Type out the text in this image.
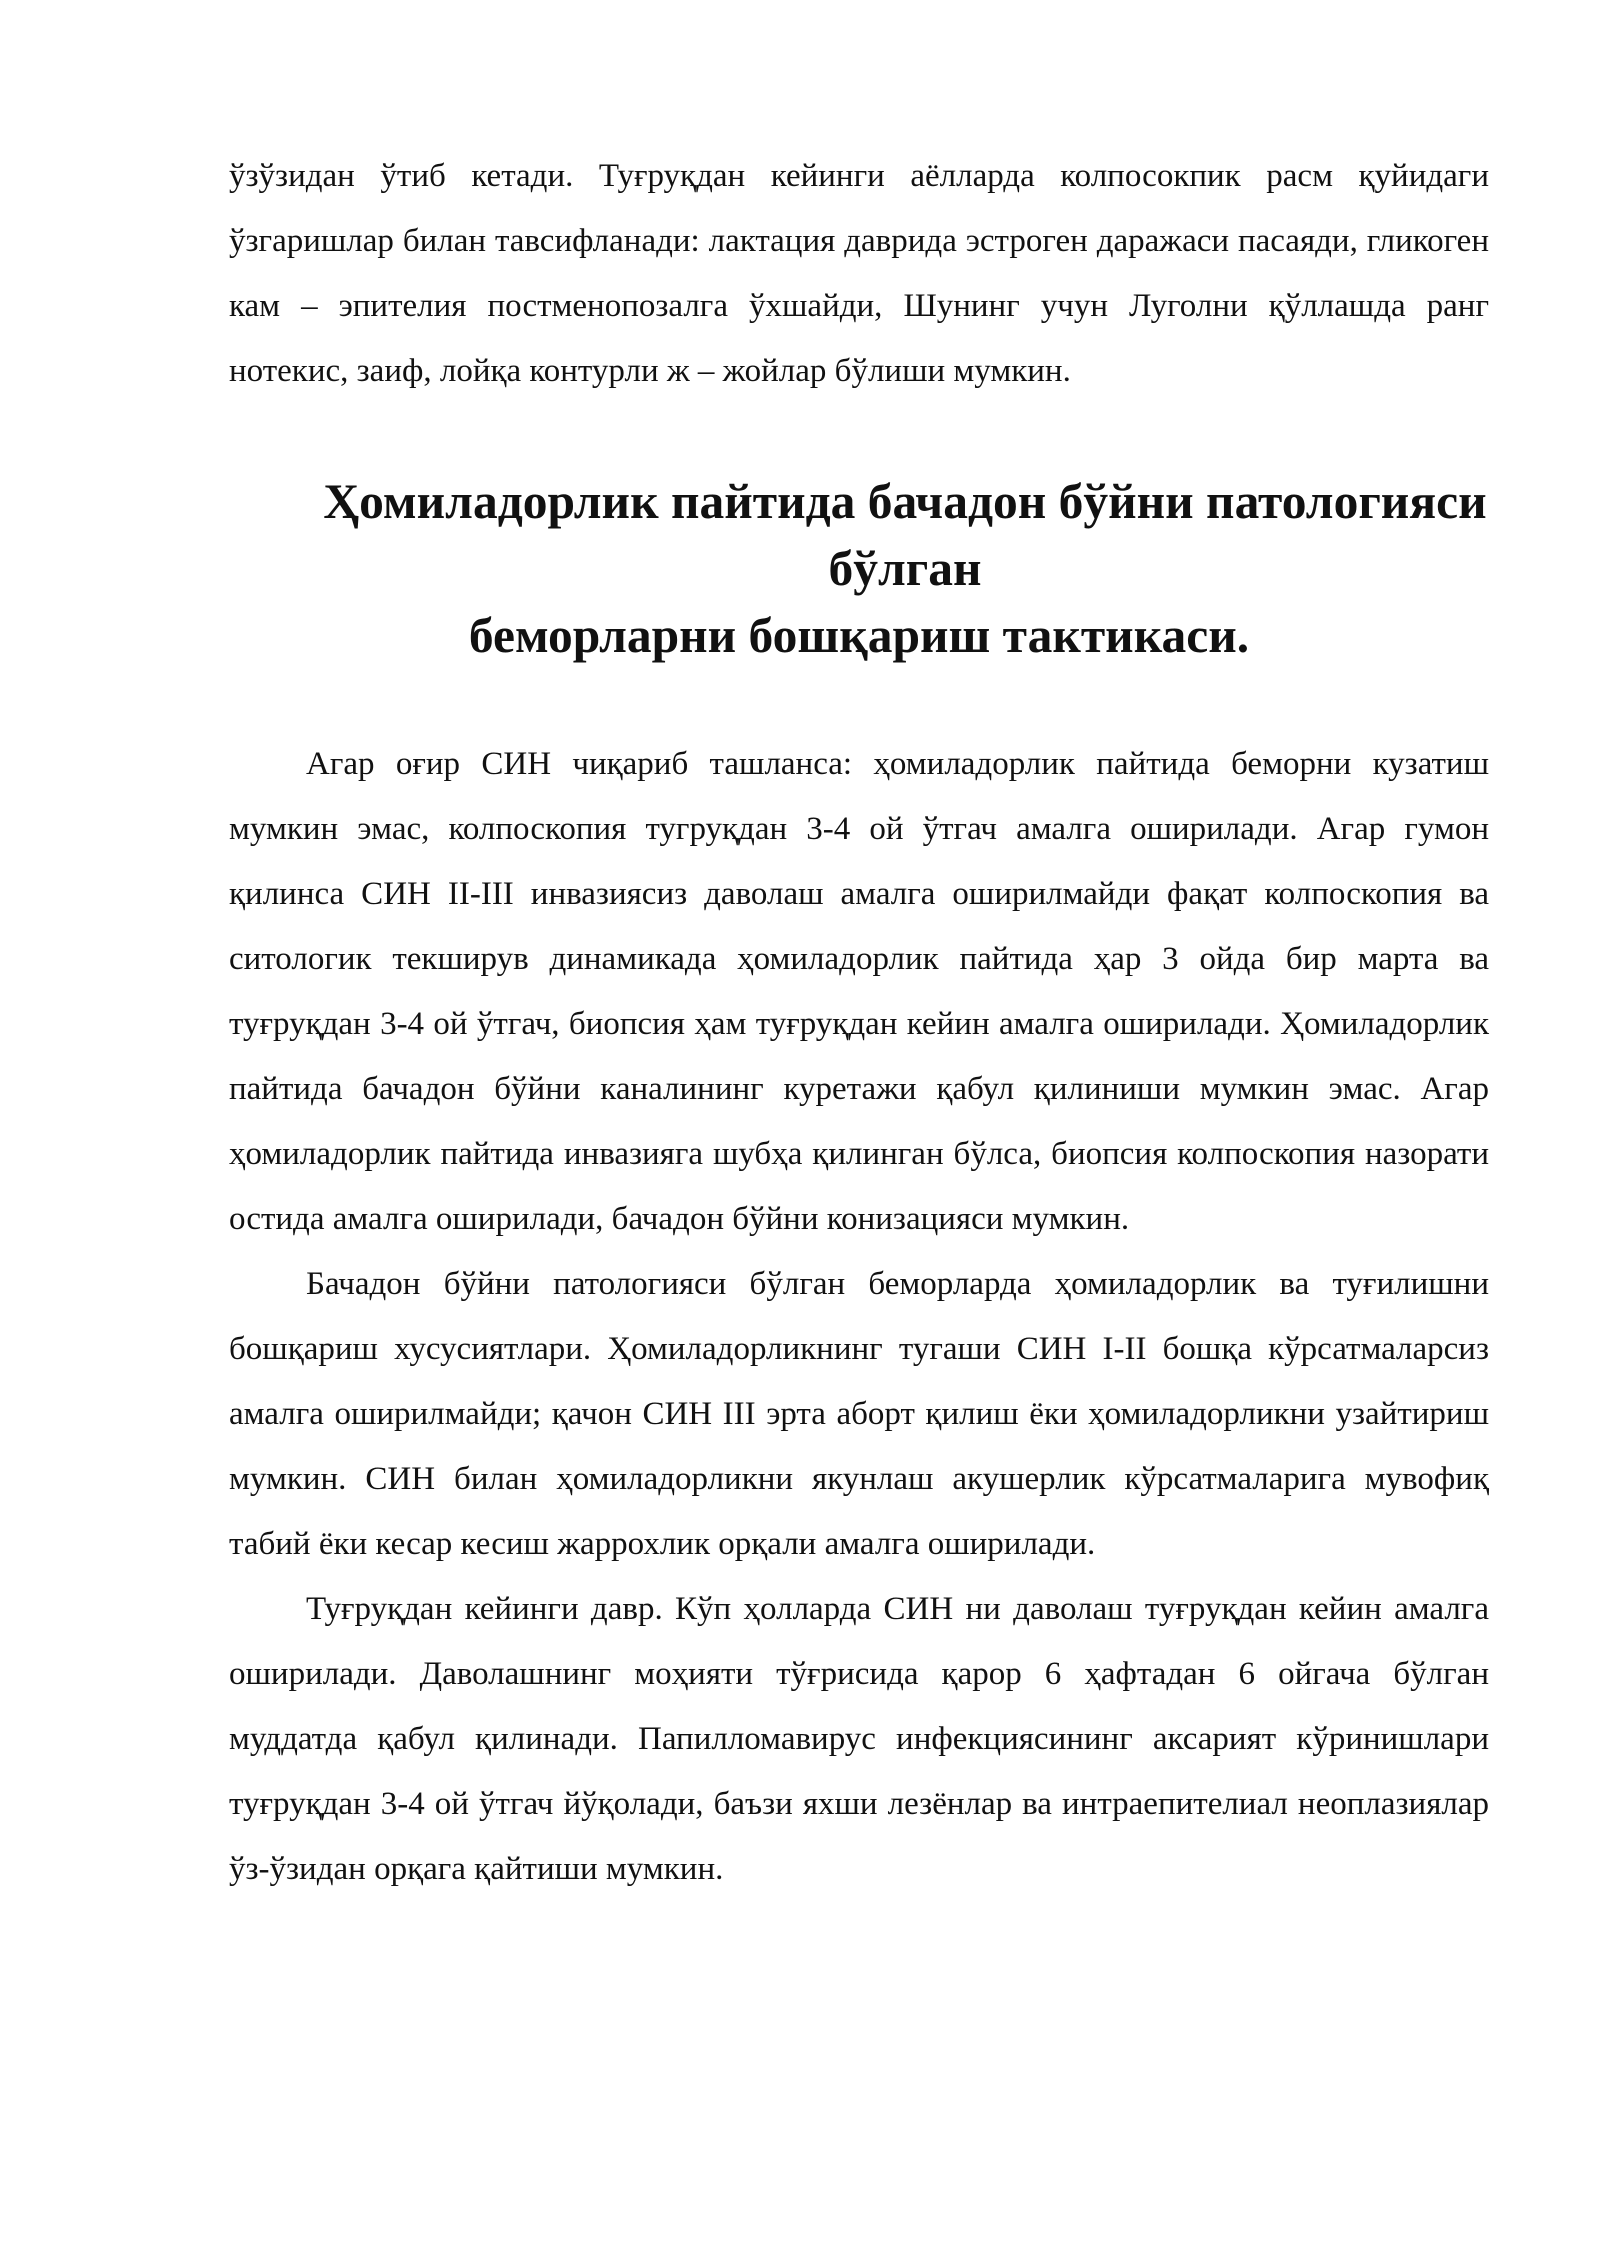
ўзўзидан ўтиб кетади. Туғруқдан кейинги аёлларда колпосокпик расм қуйидаги ўзгаришлар билан тавсифланади: лактация даврида эстроген даражаси пасаяди, гликоген кам – эпителия постменопозалга ўхшайди, Шунинг учун Луголни қўллашда ранг нотекис, заиф, лойқа контурли ж – жойлар бўлиши мумкин.

Ҳомиладорлик пайтида бачадон бўйни патологияси бўлган
беморларни бошқариш тактикаси.

Агар оғир СИН чиқариб ташланса: ҳомиладорлик пайтида беморни кузатиш мумкин эмас, колпоскопия тугруқдан 3-4 ой ўтгач амалга оширилади. Агар гумон қилинса СИН II-III инвазиясиз даволаш амалга оширилмайди фақат колпоскопия ва ситологик текширув динамикада ҳомиладорлик пайтида ҳар 3 ойда бир марта ва туғруқдан 3-4 ой ўтгач, биопсия ҳам туғруқдан кейин амалга оширилади. Ҳомиладорлик пайтида бачадон бўйни каналининг куретажи қабул қилиниши мумкин эмас. Агар ҳомиладорлик пайтида инвазияга шубҳа қилинган бўлса, биопсия колпоскопия назорати остида амалга оширилади, бачадон бўйни конизацияси мумкин.

Бачадон бўйни патологияси бўлган беморларда ҳомиладорлик ва туғилишни бошқариш хусусиятлари. Ҳомиладорликнинг тугаши СИН I-II бошқа кўрсатмаларсиз амалга оширилмайди; қачон СИН III эрта аборт қилиш ёки ҳомиладорликни узайтириш мумкин. СИН билан ҳомиладорликни якунлаш акушерлик кўрсатмаларига мувофиқ табий ёки кесар кесиш жаррохлик орқали амалга оширилади.

Туғруқдан кейинги давр. Кўп ҳолларда СИН ни даволаш туғруқдан кейин амалга оширилади. Даволашнинг моҳияти тўғрисида қарор 6 ҳафтадан 6 ойгача бўлган муддатда қабул қилинади. Папилломавирус инфекциясининг аксарият кўринишлари туғруқдан 3-4 ой ўтгач йўқолади, баъзи яхши лезёнлар ва интраепителиал неоплазиялар ўз-ўзидан орқага қайтиши мумкин.
